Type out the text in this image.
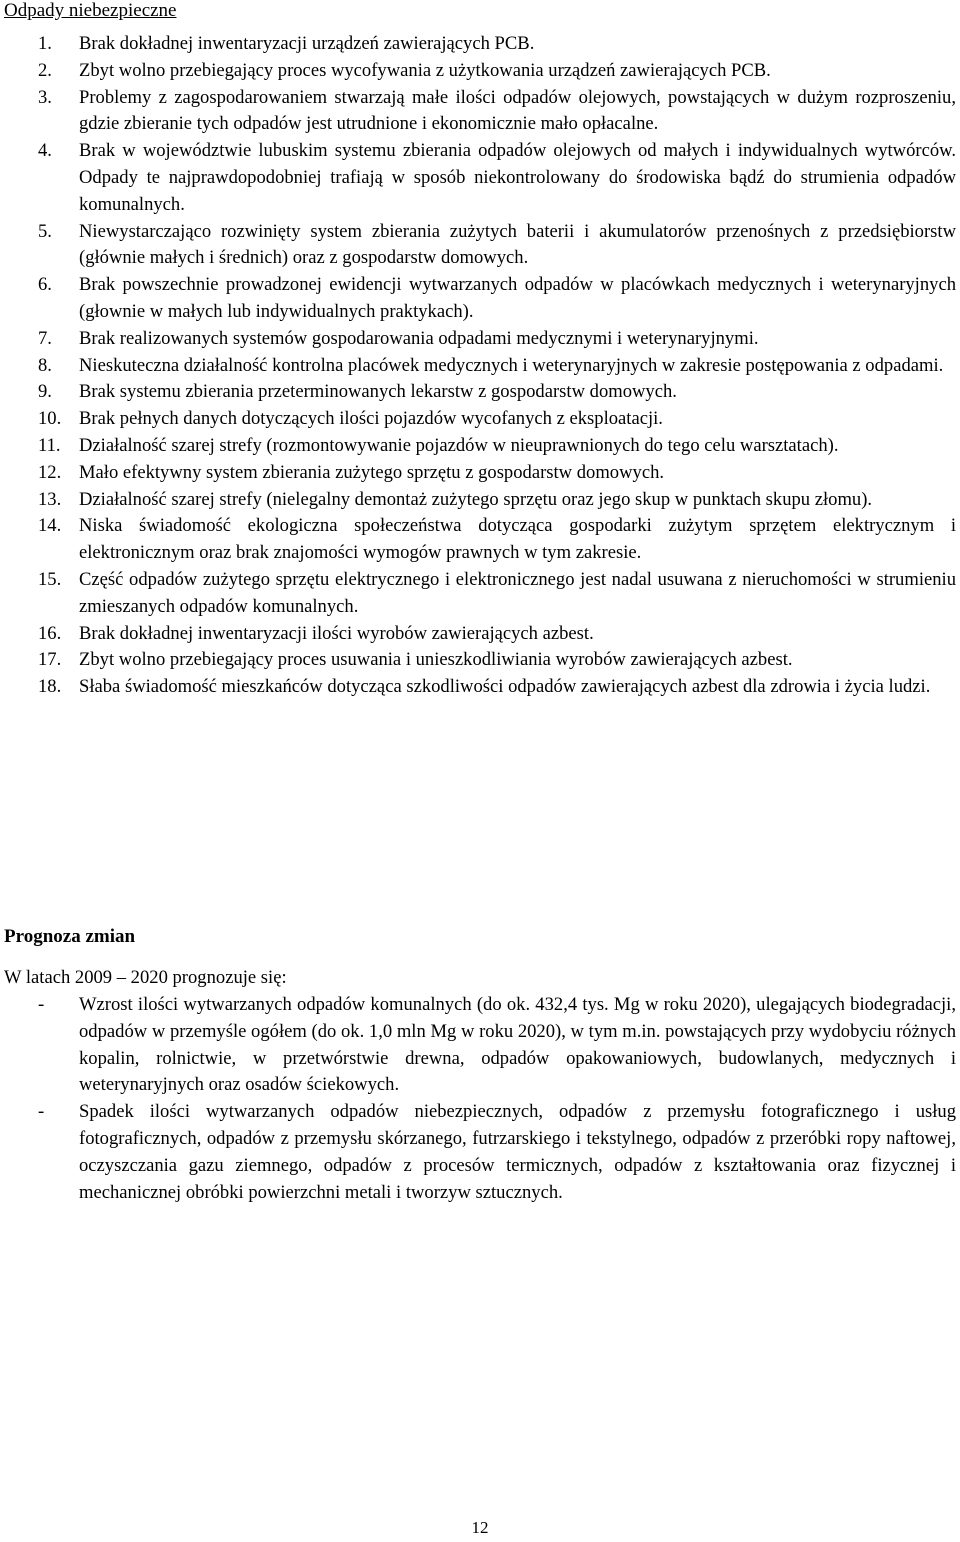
Odpady niebezpieczne
1. Brak dokładnej inwentaryzacji urządzeń zawierających PCB.
2. Zbyt wolno przebiegający proces wycofywania z użytkowania urządzeń zawierających PCB.
3. Problemy z zagospodarowaniem stwarzają małe ilości odpadów olejowych, powstających w dużym rozproszeniu, gdzie zbieranie tych odpadów jest utrudnione i ekonomicznie mało opłacalne.
4. Brak w województwie lubuskim systemu zbierania odpadów olejowych od małych i indywidualnych wytwórców. Odpady te najprawdopodobniej trafiają w sposób niekontrolowany do środowiska bądź do strumienia odpadów komunalnych.
5. Niewystarczająco rozwinięty system zbierania zużytych baterii i akumulatorów przenośnych z przedsiębiorstw (głównie małych i średnich) oraz z gospodarstw domowych.
6. Brak powszechnie prowadzonej ewidencji wytwarzanych odpadów w placówkach medycznych i weterynaryjnych (głownie w małych lub indywidualnych praktykach).
7. Brak realizowanych systemów gospodarowania odpadami medycznymi i weterynaryjnymi.
8. Nieskuteczna działalność kontrolna placówek medycznych i weterynaryjnych w zakresie postępowania z odpadami.
9. Brak systemu zbierania przeterminowanych lekarstw z gospodarstw domowych.
10. Brak pełnych danych dotyczących ilości pojazdów wycofanych z eksploatacji.
11. Działalność szarej strefy (rozmontowywanie pojazdów w nieuprawnionych do tego celu warsztatach).
12. Mało efektywny system zbierania zużytego sprzętu z gospodarstw domowych.
13. Działalność szarej strefy (nielegalny demontaż zużytego sprzętu oraz jego skup w punktach skupu złomu).
14. Niska świadomość ekologiczna społeczeństwa dotycząca gospodarki zużytym sprzętem elektrycznym i elektronicznym oraz brak znajomości wymogów prawnych w tym zakresie.
15. Część odpadów zużytego sprzętu elektrycznego i elektronicznego jest nadal usuwana z nieruchomości w strumieniu zmieszanych odpadów komunalnych.
16. Brak dokładnej inwentaryzacji ilości wyrobów zawierających azbest.
17. Zbyt wolno przebiegający proces usuwania i unieszkodliwiania wyrobów zawierających azbest.
18. Słaba świadomość mieszkańców dotycząca szkodliwości odpadów zawierających azbest dla zdrowia i życia ludzi.
Prognoza zmian

W latach 2009 – 2020 prognozuje się:

- Wzrost ilości wytwarzanych odpadów komunalnych (do ok. 432,4 tys. Mg w roku 2020), ulegających biodegradacji, odpadów w przemyśle ogółem (do ok. 1,0 mln Mg w roku 2020), w tym m.in. powstających przy wydobyciu różnych kopalin, rolnictwie, w przetwórstwie drewna, odpadów opakowaniowych, budowlanych, medycznych i weterynaryjnych oraz osadów ściekowych.
- Spadek ilości wytwarzanych odpadów niebezpiecznych, odpadów z przemysłu fotograficznego i usług fotograficznych, odpadów z przemysłu skórzanego, futrzarskiego i tekstylnego, odpadów z przeróbki ropy naftowej, oczyszczania gazu ziemnego, odpadów z procesów termicznych, odpadów z kształtowania oraz fizycznej i mechanicznej obróbki powierzchni metali i tworzyw sztucznych.
12
